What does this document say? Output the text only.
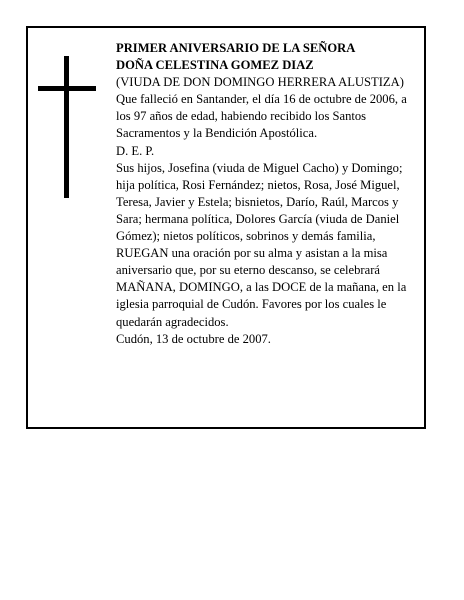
PRIMER ANIVERSARIO DE LA SEÑORA

DOÑA CELESTINA GOMEZ DIAZ

(VIUDA DE DON DOMINGO HERRERA ALUSTIZA)

Que falleció en Santander, el día 16 de octubre de 2006, a los 97 años de edad, habiendo recibido los Santos Sacramentos y la Bendición Apostólica.

D. E. P.

Sus hijos, Josefina (viuda de Miguel Cacho) y Domingo; hija política, Rosi Fernández; nietos, Rosa, José Miguel, Teresa, Javier y Estela; bisnietos, Darío, Raúl, Marcos y Sara; hermana política, Dolores García (viuda de Daniel Gómez); nietos políticos, sobrinos y demás familia,

RUEGAN una oración por su alma y asistan a la misa aniversario que, por su eterno descanso, se celebrará MAÑANA, DOMINGO, a las DOCE de la mañana, en la iglesia parroquial de Cudón. Favores por los cuales le quedarán agradecidos.

Cudón, 13 de octubre de 2007.
